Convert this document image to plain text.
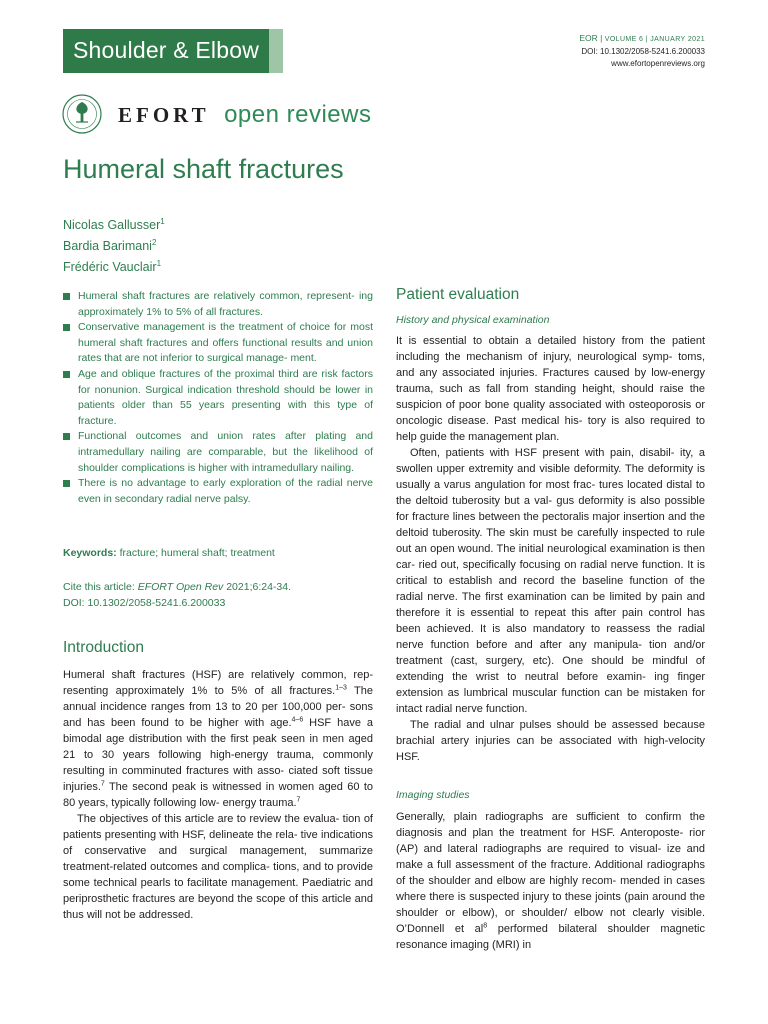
Shoulder & Elbow	EOR | VOLUME 6 | JANUARY 2021
DOI: 10.1302/2058-5241.6.200033
www.efortopenreviews.org
EFORT open reviews
Humeral shaft fractures
Nicolas Gallusser$^1$
Bardia Barimani$^2$
Frédéric Vauclair$^1$
Humeral shaft fractures are relatively common, represent- ing approximately 1% to 5% of all fractures.
Conservative management is the treatment of choice for most humeral shaft fractures and offers functional results and union rates that are not inferior to surgical manage- ment.
Age and oblique fractures of the proximal third are risk factors for nonunion. Surgical indication threshold should be lower in patients older than 55 years presenting with this type of fracture.
Functional outcomes and union rates after plating and intramedullary nailing are comparable, but the likelihood of shoulder complications is higher with intramedullary nailing.
There is no advantage to early exploration of the radial nerve even in secondary radial nerve palsy.
Keywords: fracture; humeral shaft; treatment
Cite this article: EFORT Open Rev 2021;6:24-34.
DOI: 10.1302/2058-5241.6.200033
Introduction

Humeral shaft fractures (HSF) are relatively common, rep- resenting approximately 1% to 5% of all fractures.$^{1-3}$ The annual incidence ranges from 13 to 20 per 100,000 per- sons and has been found to be higher with age.$^{4-6}$ HSF have a bimodal age distribution with the first peak seen in men aged 21 to 30 years following high-energy trauma, commonly resulting in comminuted fractures with asso- ciated soft tissue injuries.$^7$ The second peak is witnessed in women aged 60 to 80 years, typically following low- energy trauma.$^7$

The objectives of this article are to review the evalua- tion of patients presenting with HSF, delineate the rela- tive indications of conservative and surgical management, summarize treatment-related outcomes and complica- tions, and to provide some technical pearls to facilitate management. Paediatric and periprosthetic fractures are beyond the scope of this article and thus will not be addressed.

Patient evaluation
History and physical examination

It is essential to obtain a detailed history from the patient including the mechanism of injury, neurological symp- toms, and any associated injuries. Fractures caused by low-energy trauma, such as fall from standing height, should raise the suspicion of poor bone quality associated with osteoporosis or oncologic disease. Past medical his- tory is also required to help guide the management plan.

Often, patients with HSF present with pain, disabil- ity, a swollen upper extremity and visible deformity. The deformity is usually a varus angulation for most frac- tures located distal to the deltoid tuberosity but a val- gus deformity is also possible for fracture lines between the pectoralis major insertion and the deltoid tuberosity. The skin must be carefully inspected to rule out an open wound. The initial neurological examination is then car- ried out, specifically focusing on radial nerve function. It is critical to establish and record the baseline function of the radial nerve. The first examination can be limited by pain and therefore it is essential to repeat this after pain control has been achieved. It is also mandatory to reassess the radial nerve function before and after any manipula- tion and/or treatment (cast, surgery, etc). One should be mindful of extending the wrist to neutral before examin- ing finger extension as lumbrical muscular function can be mistaken for intact radial nerve function.

The radial and ulnar pulses should be assessed because brachial artery injuries can be associated with high-velocity HSF.

Imaging studies

Generally, plain radiographs are sufficient to confirm the diagnosis and plan the treatment for HSF. Anteroposte- rior (AP) and lateral radiographs are required to visual- ize and make a full assessment of the fracture. Additional radiographs of the shoulder and elbow are highly recom- mended in cases where there is suspected injury to these joints (pain around the shoulder or elbow), or shoulder/ elbow not clearly visible. O’Donnell et $al^8$ performed bilateral shoulder magnetic resonance imaging (MRI) in
